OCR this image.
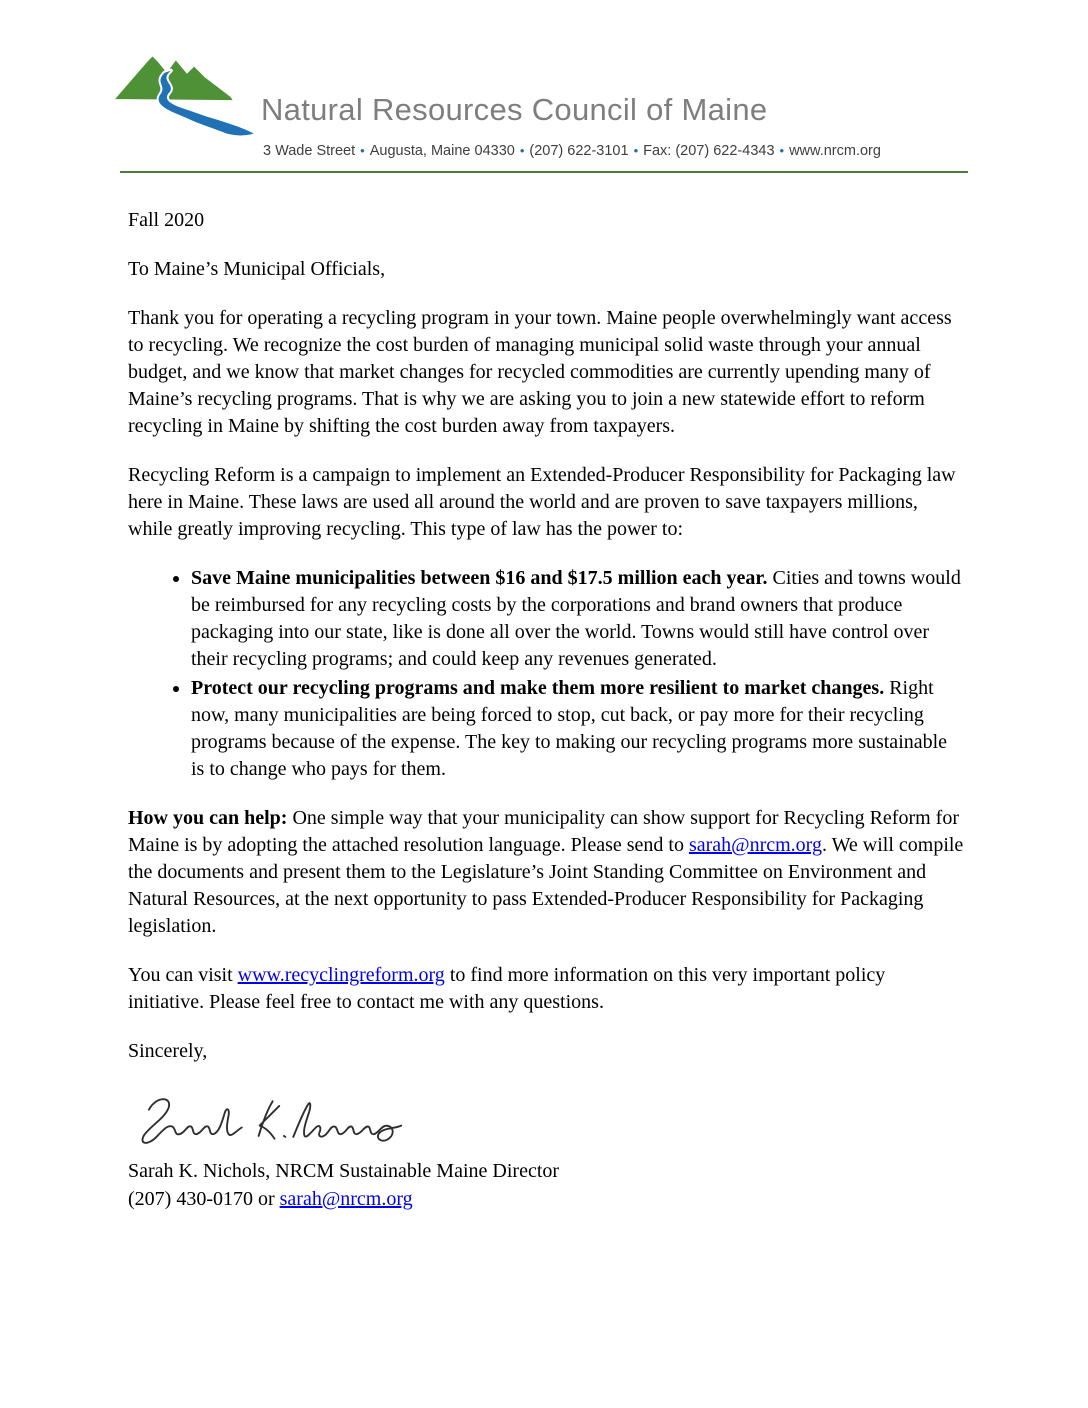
Natural Resources Council of Maine
3 Wade Street • Augusta, Maine 04330 • (207) 622-3101 • Fax: (207) 622-4343 • www.nrcm.org

Fall 2020

To Maine’s Municipal Officials,

Thank you for operating a recycling program in your town. Maine people overwhelmingly want access to recycling. We recognize the cost burden of managing municipal solid waste through your annual budget, and we know that market changes for recycled commodities are currently upending many of Maine’s recycling programs. That is why we are asking you to join a new statewide effort to reform recycling in Maine by shifting the cost burden away from taxpayers.

Recycling Reform is a campaign to implement an Extended-Producer Responsibility for Packaging law here in Maine. These laws are used all around the world and are proven to save taxpayers millions, while greatly improving recycling. This type of law has the power to:

• Save Maine municipalities between $16 and $17.5 million each year. Cities and towns would be reimbursed for any recycling costs by the corporations and brand owners that produce packaging into our state, like is done all over the world. Towns would still have control over their recycling programs; and could keep any revenues generated.
• Protect our recycling programs and make them more resilient to market changes. Right now, many municipalities are being forced to stop, cut back, or pay more for their recycling programs because of the expense. The key to making our recycling programs more sustainable is to change who pays for them.

How you can help: One simple way that your municipality can show support for Recycling Reform for Maine is by adopting the attached resolution language. Please send to sarah@nrcm.org. We will compile the documents and present them to the Legislature’s Joint Standing Committee on Environment and Natural Resources, at the next opportunity to pass Extended-Producer Responsibility for Packaging legislation.

You can visit www.recyclingreform.org to find more information on this very important policy initiative. Please feel free to contact me with any questions.

Sincerely,

Sarah K. Nichols, NRCM Sustainable Maine Director
(207) 430-0170 or sarah@nrcm.org
